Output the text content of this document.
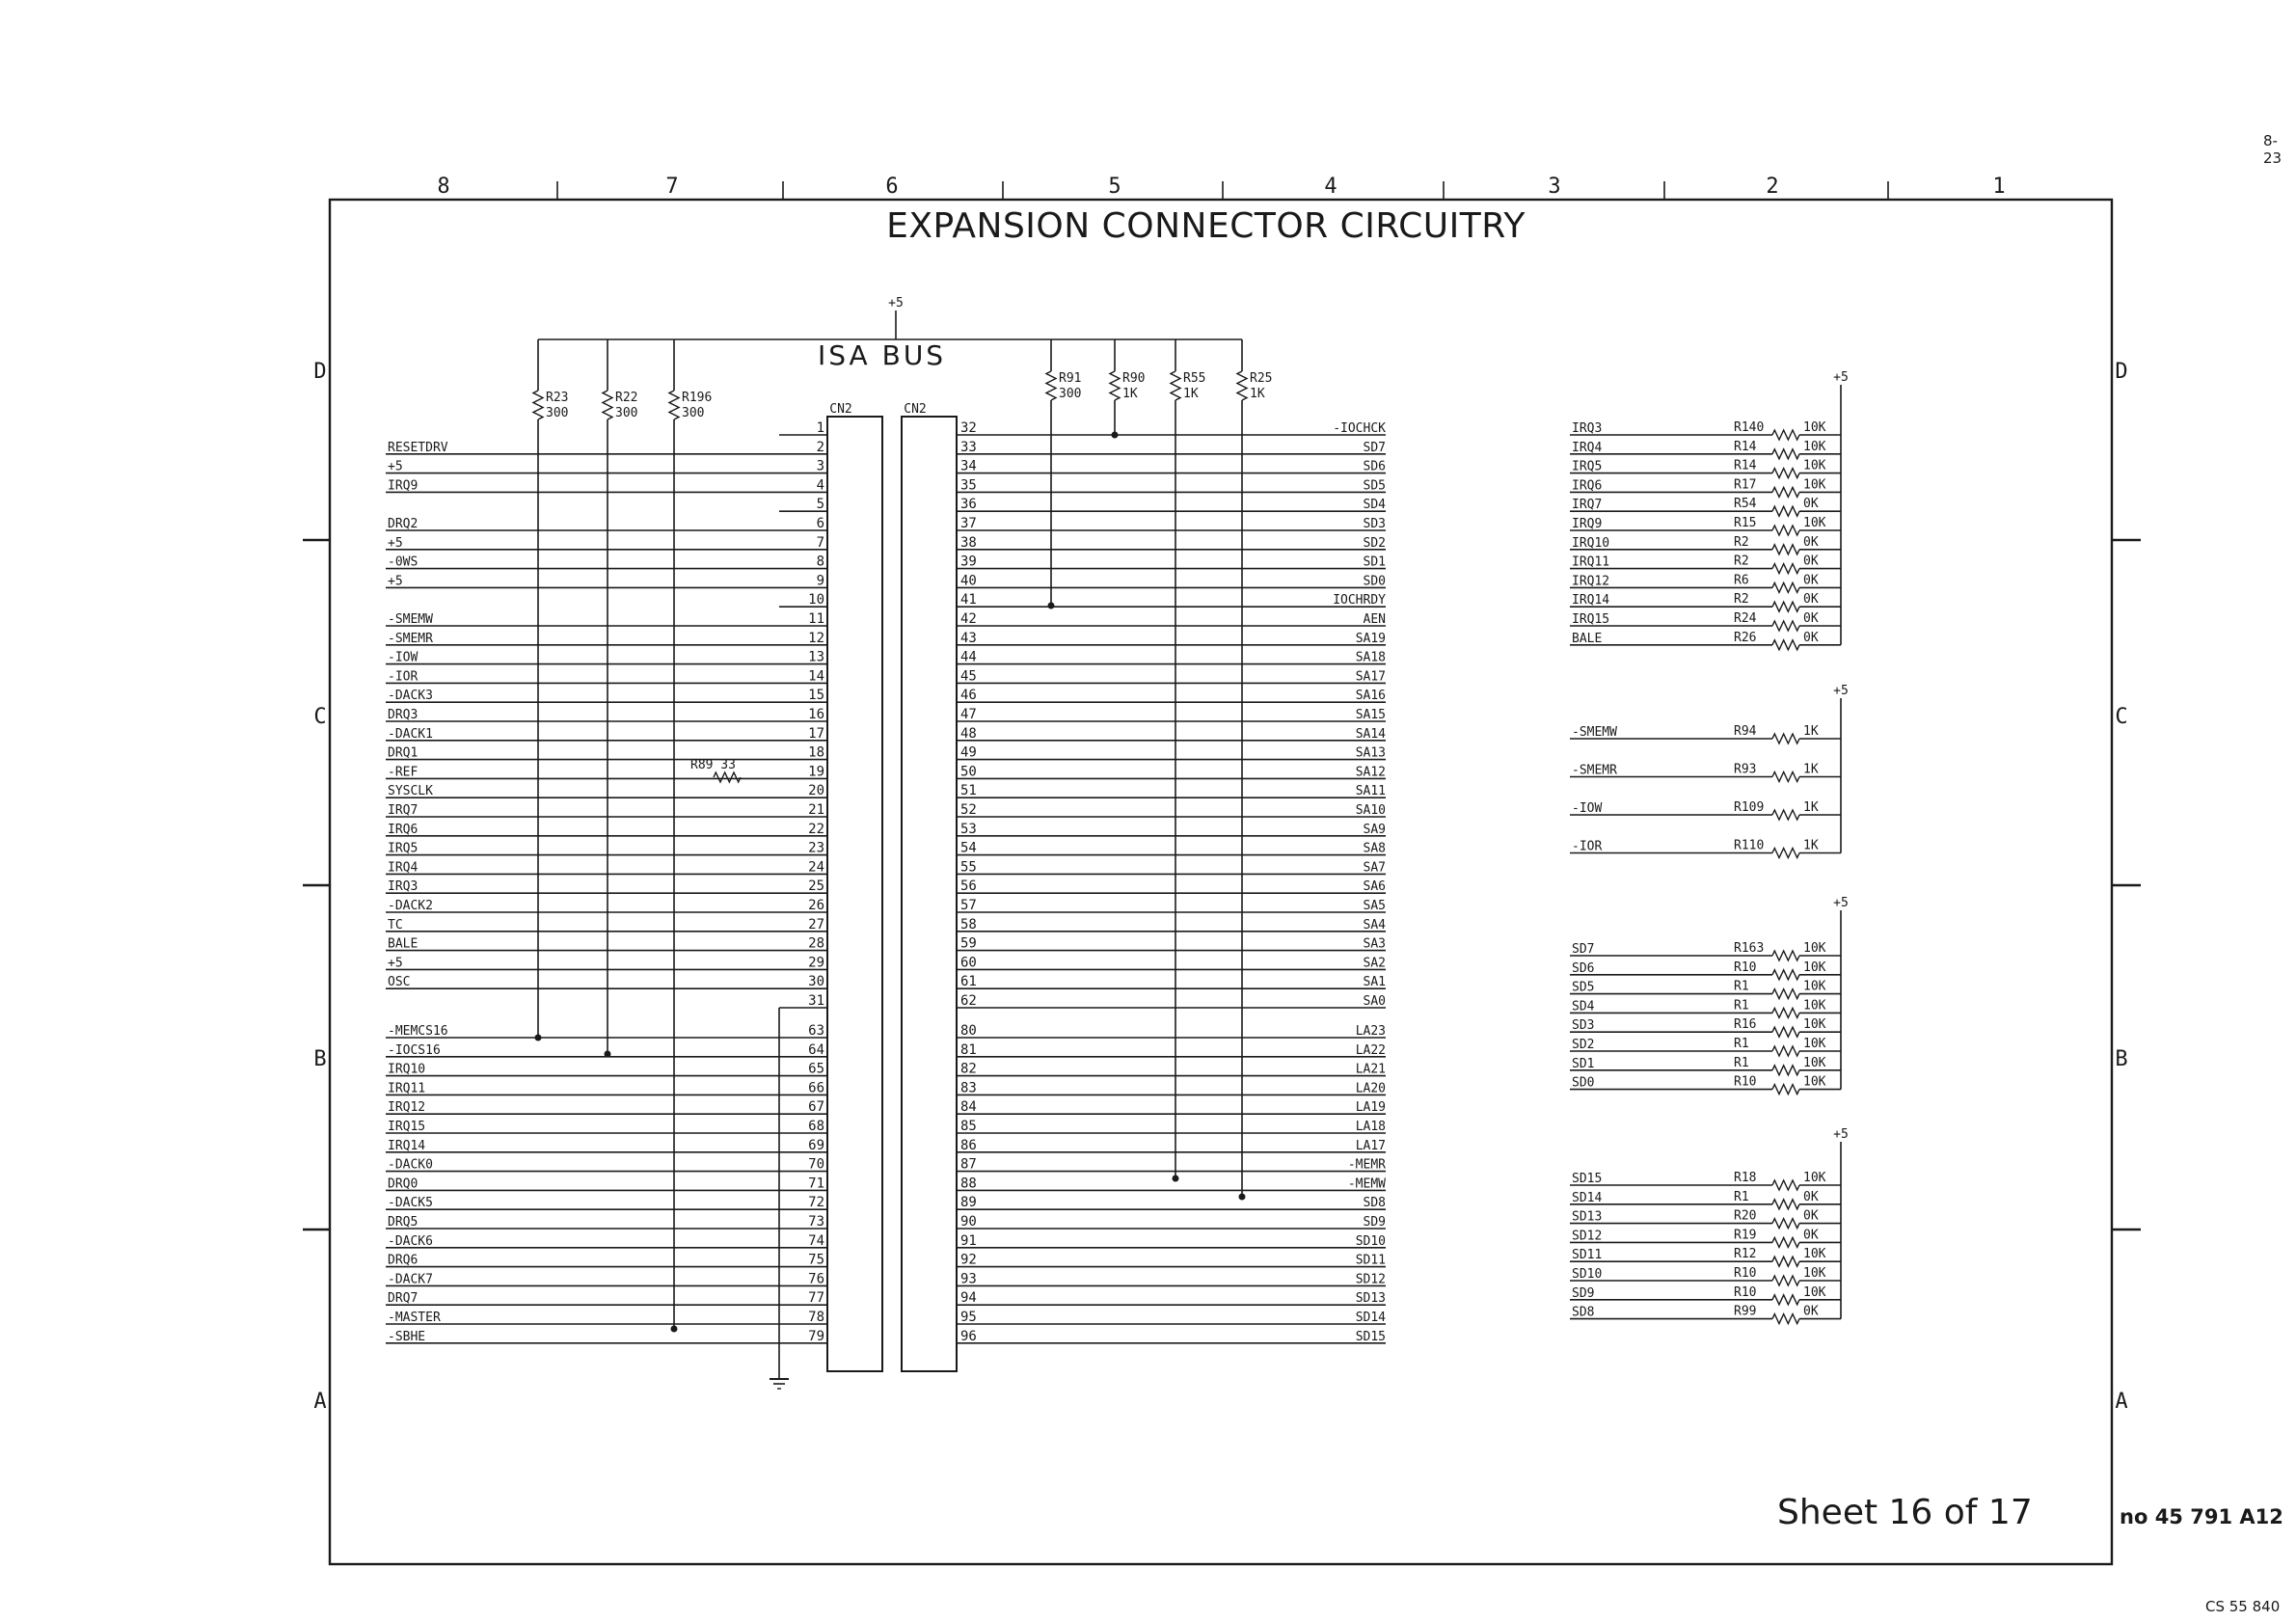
8	7	6	5	4	3	2	1
D	D
C	C
B	B
A	A
+5
R23
300
R22
300
R196
300
R91
300
R90
1K
R55
1K
R25
1K
CN2	CN2
1
RESETDRV	2
+5	3
IRQ9	4
5
DRQ2	6
+5	7
-0WS	8
+5	9
10
-SMEMW	11
-SMEMR	12
-IOW	13
-IOR	14
-DACK3	15
DRQ3	16
-DACK1	17
DRQ1	18
-REF	19
SYSCLK	20
IRQ7	21
IRQ6	22
IRQ5	23
IRQ4	24
IRQ3	25
-DACK2	26
TC	27
BALE	28
+5	29
OSC	30
31
-MEMCS16	63
-IOCS16	64
IRQ10	65
IRQ11	66
IRQ12	67
IRQ15	68
IRQ14	69
-DACK0	70
DRQ0	71
-DACK5	72
DRQ5	73
-DACK6	74
DRQ6	75
-DACK7	76
DRQ7	77
-MASTER	78
-SBHE	79
R89 33
32	-IOCHCK
33	SD7
34	SD6
35	SD5
36	SD4
37	SD3
38	SD2
39	SD1
40	SD0
41	IOCHRDY
42	AEN
43	SA19
44	SA18
45	SA17
46	SA16
47	SA15
48	SA14
49	SA13
50	SA12
51	SA11
52	SA10
53	SA9
54	SA8
55	SA7
56	SA6
57	SA5
58	SA4
59	SA3
60	SA2
61	SA1
62	SA0
80	LA23
81	LA22
82	LA21
83	LA20
84	LA19
85	LA18
86	LA17
87	-MEMR
88	-MEMW
89	SD8
90	SD9
91	SD10
92	SD11
93	SD12
94	SD13
95	SD14
96	SD15
+5
IRQ3	R140	10K
IRQ4	R14	10K
IRQ5	R14	10K
IRQ6	R17	10K
IRQ7	R54	0K
IRQ9	R15	10K
IRQ10	R2	0K
IRQ11	R2	0K
IRQ12	R6	0K
IRQ14	R2	0K
IRQ15	R24	0K
BALE	R26	0K
+5
-SMEMW	R94	1K
-SMEMR	R93	1K
-IOW	R109	1K
-IOR	R110	1K
+5
SD7	R163	10K
SD6	R10	10K
SD5	R1	10K
SD4	R1	10K
SD3	R16	10K
SD2	R1	10K
SD1	R1	10K
SD0	R10	10K
+5
SD15	R18	10K
SD14	R1	0K
SD13	R20	0K
SD12	R19	0K
SD11	R12	10K
SD10	R10	10K
SD9	R10	10K
SD8	R99	0K
EXPANSION CONNECTOR CIRCUITRY
ISA BUS
Sheet 16 of 17	no 45 791 A12
8-23
CS 55 840
